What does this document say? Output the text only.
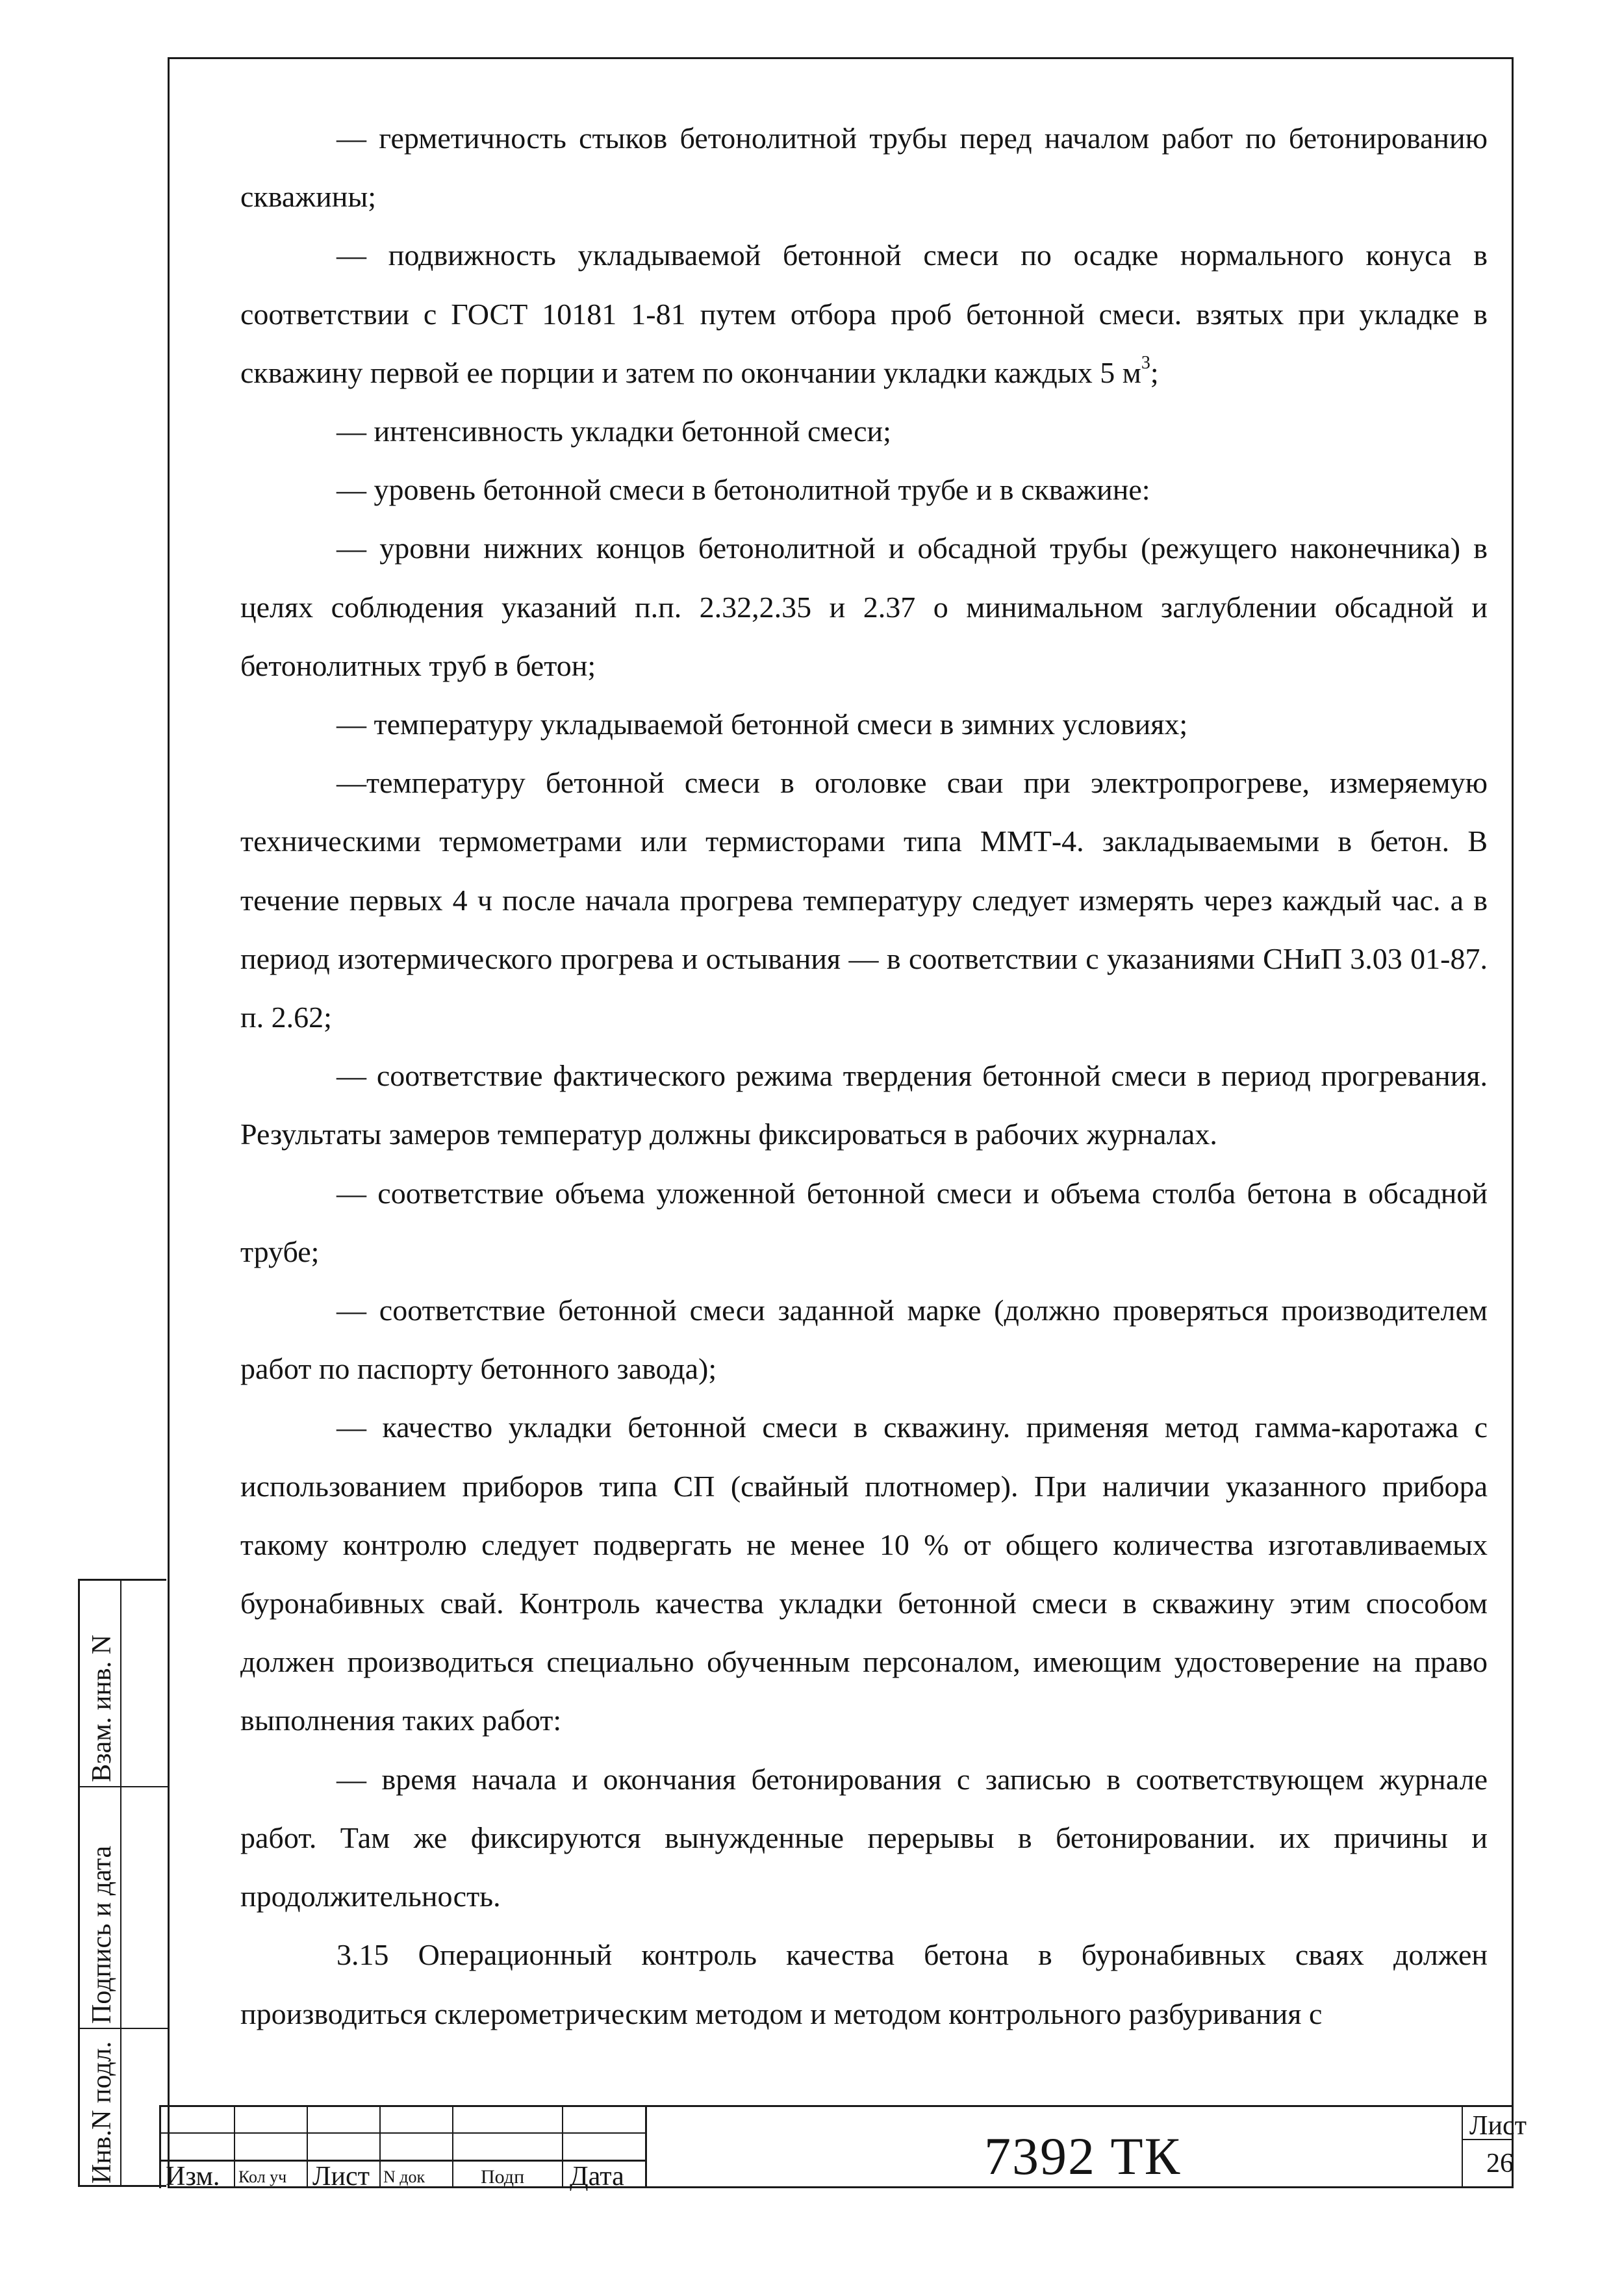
— герметичность стыков бетонолитной трубы перед началом работ по бетонированию скважины;

— подвижность укладываемой бетонной смеси по осадке нормального конуса в соответствии с ГОСТ 10181 1-81 путем отбора проб бетонной смеси. взятых при укладке в скважину первой ее порции и затем по окончании укладки каждых 5 $м^3$;

— интенсивность укладки бетонной смеси;

— уровень бетонной смеси в бетонолитной трубе и в скважине:

— уровни нижних концов бетонолитной и обсадной трубы (режущего наконечника) в целях соблюдения указаний п.п. 2.32,2.35 и 2.37 о минимальном заглублении обсадной и бетонолитных труб в бетон;

— температуру укладываемой бетонной смеси в зимних условиях;

—температуру бетонной смеси в оголовке сваи при электропрогреве, измеряемую техническими термометрами или термисторами типа ММТ-4. закладываемыми в бетон. В течение первых 4 ч после начала прогрева температуру следует измерять через каждый час. а в период изотермического прогрева и остывания — в соответствии с указаниями СНиП 3.03 01-87. п. 2.62;

— соответствие фактического режима твердения бетонной смеси в период прогревания. Результаты замеров температур должны фиксироваться в рабочих журналах.

— соответствие объема уложенной бетонной смеси и объема столба бетона в обсадной трубе;

— соответствие бетонной смеси заданной марке (должно проверяться производителем работ по паспорту бетонного завода);

— качество укладки бетонной смеси в скважину. применяя метод гамма-каротажа с использованием приборов типа СП (свайный плотномер). При наличии указанного прибора такому контролю следует подвергать не менее 10 % от общего количества изготавливаемых буронабивных свай. Контроль качества укладки бетонной смеси в скважину этим способом должен производиться специально обученным персоналом, имеющим удостоверение на право выполнения таких работ:

— время начала и окончания бетонирования с записью в соответствующем журнале работ. Там же фиксируются вынужденные перерывы в бетонировании. их причины и продолжительность.

3.15 Операционный контроль качества бетона в буронабивных сваях должен производиться склерометрическим методом и методом контрольного разбуривания с

Взам. инв. N
Подпись и дата
Инв.N подл. Изм. Кол уч Лист N док	Подп Дата	7392 ТК
Лист
26
